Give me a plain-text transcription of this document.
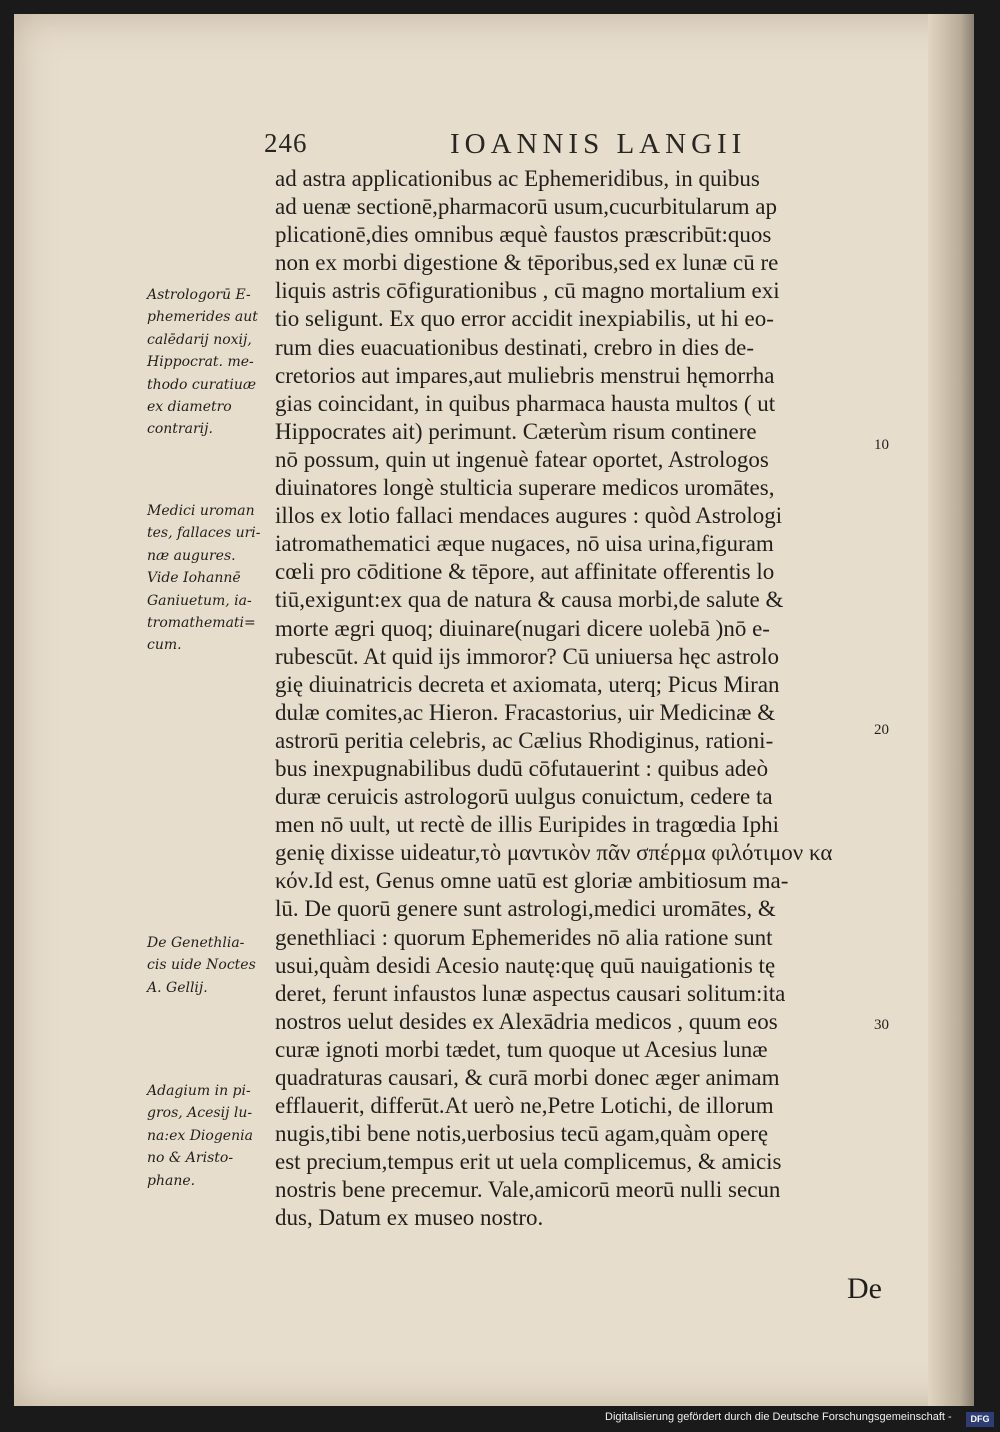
246	IOANNIS LANGII
ad astra applicationibus ac Ephemeridibus, in quibus
ad uenæ sectionē,pharmacorū usum,cucurbitularum ap
plicationē,dies omnibus æquè faustos præscribūt:quos
non ex morbi digestione & tēporibus,sed ex lunæ cū re
liquis astris cōfigurationibus , cū magno mortalium exi
tio seligunt. Ex quo error accidit inexpiabilis, ut hi eo-
rum dies euacuationibus destinati, crebro in dies de-
cretorios aut impares,aut muliebris menstrui hęmorrha
gias coincidant, in quibus pharmaca hausta multos ( ut
Hippocrates ait) perimunt. Cæterùm risum continere
nō possum, quin ut ingenuè fatear oportet, Astrologos
diuinatores longè stulticia superare medicos uromātes,
illos ex lotio fallaci mendaces augures : quòd Astrologi
iatromathematici æque nugaces, nō uisa urina,figuram
cœli pro cōditione & tēpore, aut affinitate offerentis lo
tiū,exigunt:ex qua de natura & causa morbi,de salute &
morte ægri quoq; diuinare(nugari dicere uolebā )nō e-
rubescūt. At quid ijs immoror? Cū uniuersa hęc astrolo
gię diuinatricis decreta et axiomata, uterq; Picus Miran
dulæ comites,ac Hieron. Fracastorius, uir Medicinæ &
astrorū peritia celebris, ac Cælius Rhodiginus, rationi-
bus inexpugnabilibus dudū cōfutauerint : quibus adeò
duræ ceruicis astrologorū uulgus conuictum, cedere ta
men nō uult, ut rectè de illis Euripides in tragœdia Iphi
genię dixisse uideatur,τὸ μαντικὸν πᾶν σπέρμα φιλότιμον κα
κόν.Id est, Genus omne uatū est gloriæ ambitiosum ma-
lū. De quorū genere sunt astrologi,medici uromātes, &
genethliaci : quorum Ephemerides nō alia ratione sunt
usui,quàm desidi Acesio nautę:quę quū nauigationis tę
deret, ferunt infaustos lunæ aspectus causari solitum:ita
nostros uelut desides ex Alexādria medicos , quum eos
curæ ignoti morbi tædet, tum quoque ut Acesius lunæ
quadraturas causari, & curā morbi donec æger animam
efflauerit, differūt.At uerò ne,Petre Lotichi, de illorum
nugis,tibi bene notis,uerbosius tecū agam,quàm operę
est precium,tempus erit ut uela complicemus, & amicis
nostris bene precemur. Vale,amicorū meorū nulli secun
dus, Datum ex museo nostro.
Astrologorū E-
phemerides aut
calēdarij noxij,
Hippocrat. me-
thodo curatiuæ
ex diametro
contrarij.
Medici uroman
tes, fallaces uri-
næ augures.
Vide Iohannē
Ganiuetum, ia-
tromathemati=
cum.
De Genethlia-
cis uide Noctes
A. Gellij.
Adagium in pi-
gros, Acesij lu-
na:ex Diogenia
no & Aristo-
phane.
10
20
30
De
Digitalisierung gefördert durch die Deutsche Forschungsgemeinschaft -	DFG
